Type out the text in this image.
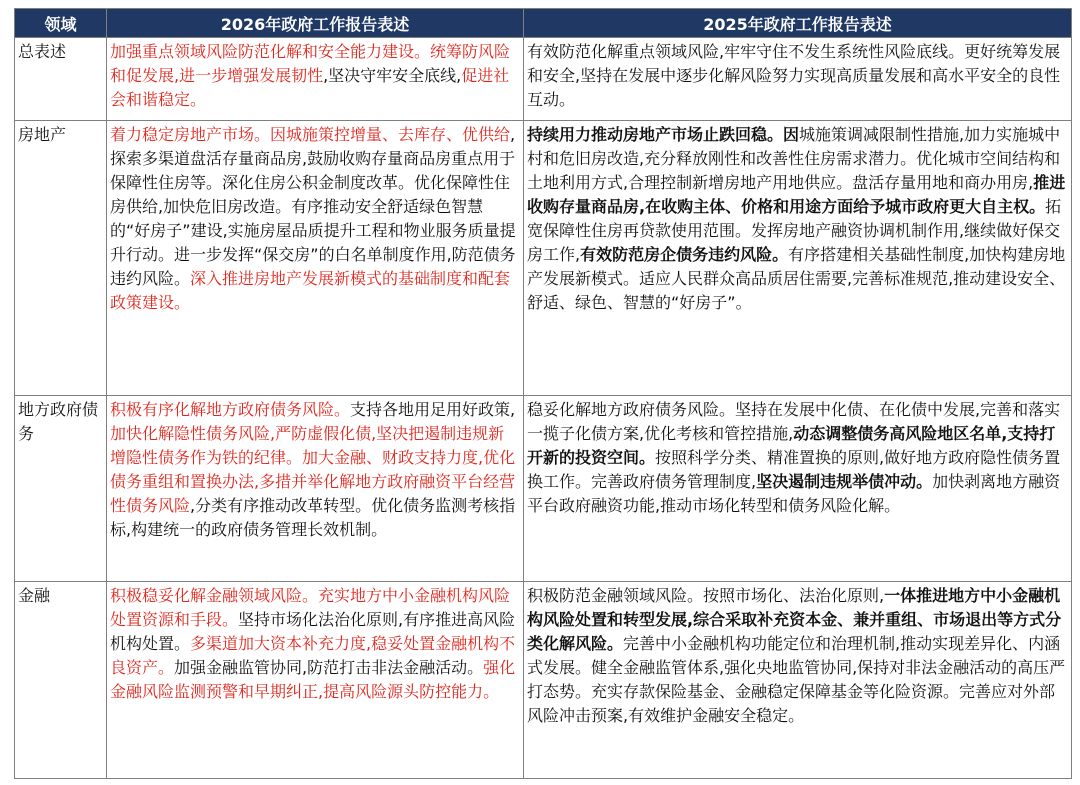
领域	2026年政府工作报告表述	2025年政府工作报告表述
总表述	加强重点领域风险防范化解和安全能力建设。统筹防风险和促发展,进一步增强发展韧性,坚决守牢安全底线,促进社会和谐稳定。	有效防范化解重点领域风险,牢牢守住不发生系统性风险底线。更好统筹发展和安全,坚持在发展中逐步化解风险努力实现高质量发展和高水平安全的良性互动。
房地产	着力稳定房地产市场。因城施策控增量、去库存、优供给,探索多渠道盘活存量商品房,鼓励收购存量商品房重点用于保障性住房等。深化住房公积金制度改革。优化保障性住房供给,加快危旧房改造。有序推动安全舒适绿色智慧的“好房子”建设,实施房屋品质提升工程和物业服务质量提升行动。进一步发挥“保交房”的白名单制度作用,防范债务违约风险。深入推进房地产发展新模式的基础制度和配套政策建设。	持续用力推动房地产市场止跌回稳。因城施策调减限制性措施,加力实施城中村和危旧房改造,充分释放刚性和改善性住房需求潜力。优化城市空间结构和土地利用方式,合理控制新增房地产用地供应。盘活存量用地和商办用房,推进收购存量商品房,在收购主体、价格和用途方面给予城市政府更大自主权。拓宽保障性住房再贷款使用范围。发挥房地产融资协调机制作用,继续做好保交房工作,有效防范房企债务违约风险。有序搭建相关基础性制度,加快构建房地产发展新模式。适应人民群众高品质居住需要,完善标准规范,推动建设安全、舒适、绿色、智慧的“好房子”。
地方政府债务	积极有序化解地方政府债务风险。支持各地用足用好政策,加快化解隐性债务风险,严防虚假化债,坚决把遏制违规新增隐性债务作为铁的纪律。加大金融、财政支持力度,优化债务重组和置换办法,多措并举化解地方政府融资平台经营性债务风险,分类有序推动改革转型。优化债务监测考核指标,构建统一的政府债务管理长效机制。	稳妥化解地方政府债务风险。坚持在发展中化债、在化债中发展,完善和落实一揽子化债方案,优化考核和管控措施,动态调整债务高风险地区名单,支持打开新的投资空间。按照科学分类、精准置换的原则,做好地方政府隐性债务置换工作。完善政府债务管理制度,坚决遏制违规举债冲动。加快剥离地方融资平台政府融资功能,推动市场化转型和债务风险化解。
金融	积极稳妥化解金融领域风险。充实地方中小金融机构风险处置资源和手段。坚持市场化法治化原则,有序推进高风险机构处置。多渠道加大资本补充力度,稳妥处置金融机构不良资产。加强金融监管协同,防范打击非法金融活动。强化金融风险监测预警和早期纠正,提高风险源头防控能力。	积极防范金融领域风险。按照市场化、法治化原则,一体推进地方中小金融机构风险处置和转型发展,综合采取补充资本金、兼并重组、市场退出等方式分类化解风险。完善中小金融机构功能定位和治理机制,推动实现差异化、内涵式发展。健全金融监管体系,强化央地监管协同,保持对非法金融活动的高压严打态势。充实存款保险基金、金融稳定保障基金等化险资源。完善应对外部风险冲击预案,有效维护金融安全稳定。
